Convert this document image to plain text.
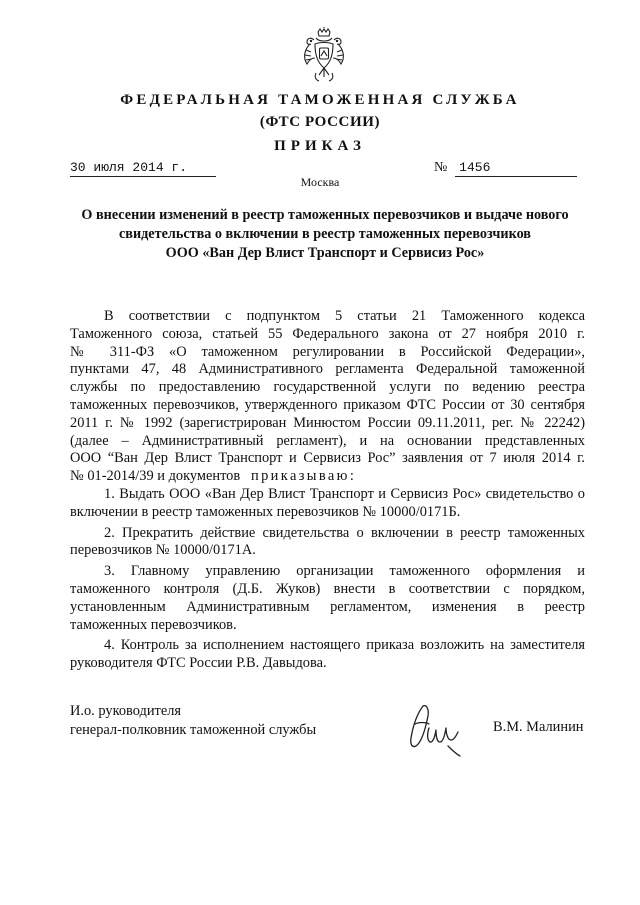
ФЕДЕРАЛЬНАЯ ТАМОЖЕННАЯ СЛУЖБА
(ФТС РОССИИ)
ПРИКАЗ
30 июля 2014 г.	№ 1456
Москва
О внесении изменений в реестр таможенных перевозчиков и выдаче нового
свидетельства о включении в реестр таможенных перевозчиков
ООО «Ван Дер Влист Транспорт и Сервисиз Рос»
В соответствии с подпунктом 5 статьи 21 Таможенного кодекса
Таможенного союза, статьей 55 Федерального закона от 27 ноября 2010 г.
№ 311-ФЗ «О таможенном регулировании в Российской Федерации»,
пунктами 47, 48 Административного регламента Федеральной таможенной
службы по предоставлению государственной услуги по ведению реестра
таможенных перевозчиков, утвержденного приказом ФТС России от 30 сентября
2011 г. № 1992 (зарегистрирован Минюстом России 09.11.2011, рег. № 22242)
(далее – Административный регламент), и на основании представленных
ООО “Ван Дер Влист Транспорт и Сервисиз Рос” заявления от 7 июля 2014 г.
№ 01-2014/39 и документов приказываю:
1. Выдать ООО «Ван Дер Влист Транспорт и Сервисиз Рос» свидетельство о
включении в реестр таможенных перевозчиков № 10000/0171Б.
2. Прекратить действие свидетельства о включении в реестр таможенных
перевозчиков № 10000/0171А.
3. Главному управлению организации таможенного оформления и
таможенного контроля (Д.Б. Жуков) внести в соответствии с порядком,
установленным Административным регламентом, изменения в реестр
таможенных перевозчиков.
4. Контроль за исполнением настоящего приказа возложить на заместителя
руководителя ФТС России Р.В. Давыдова.
И.о. руководителя
генерал-полковник таможенной службы	В.М. Малинин
